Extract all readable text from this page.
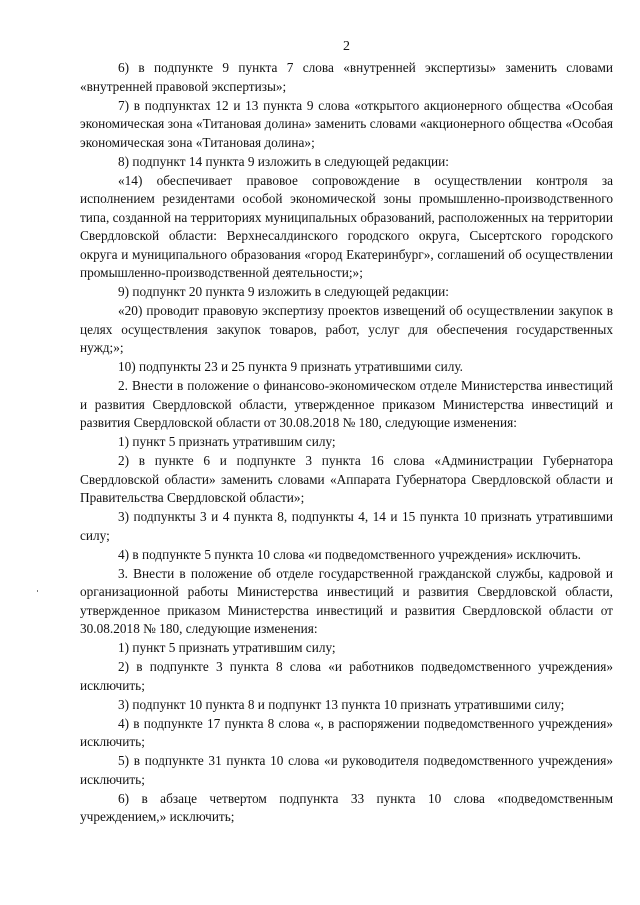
2

6) в подпункте 9 пункта 7 слова «внутренней экспертизы» заменить словами «внутренней правовой экспертизы»;

7) в подпунктах 12 и 13 пункта 9 слова «открытого акционерного общества «Особая экономическая зона «Титановая долина» заменить словами «акционерного общества «Особая экономическая зона «Титановая долина»;

8) подпункт 14 пункта 9 изложить в следующей редакции:

«14) обеспечивает правовое сопровождение в осуществлении контроля за исполнением резидентами особой экономической зоны промышленно-производственного типа, созданной на территориях муниципальных образований, расположенных на территории Свердловской области: Верхнесалдинского городского округа, Сысертского городского округа и муниципального образования «город Екатеринбург», соглашений об осуществлении промышленно-производственной деятельности;»;

9) подпункт 20 пункта 9 изложить в следующей редакции:

«20) проводит правовую экспертизу проектов извещений об осуществлении закупок в целях осуществления закупок товаров, работ, услуг для обеспечения государственных нужд;»;

10) подпункты 23 и 25 пункта 9 признать утратившими силу.

2. Внести в положение о финансово-экономическом отделе Министерства инвестиций и развития Свердловской области, утвержденное приказом Министерства инвестиций и развития Свердловской области от 30.08.2018 № 180, следующие изменения:

1) пункт 5 признать утратившим силу;

2) в пункте 6 и подпункте 3 пункта 16 слова «Администрации Губернатора Свердловской области» заменить словами «Аппарата Губернатора Свердловской области и Правительства Свердловской области»;

3) подпункты 3 и 4 пункта 8, подпункты 4, 14 и 15 пункта 10 признать утратившими силу;

4) в подпункте 5 пункта 10 слова «и подведомственного учреждения» исключить.

3. Внести в положение об отделе государственной гражданской службы, кадровой и организационной работы Министерства инвестиций и развития Свердловской области, утвержденное приказом Министерства инвестиций и развития Свердловской области от 30.08.2018 № 180, следующие изменения:

1) пункт 5 признать утратившим силу;

2) в подпункте 3 пункта 8 слова «и работников подведомственного учреждения» исключить;

3) подпункт 10 пункта 8 и подпункт 13 пункта 10 признать утратившими силу;

4) в подпункте 17 пункта 8 слова «, в распоряжении подведомственного учреждения» исключить;

5) в подпункте 31 пункта 10 слова «и руководителя подведомственного учреждения» исключить;

6) в абзаце четвертом подпункта 33 пункта 10 слова «подведомственным учреждением,» исключить;
